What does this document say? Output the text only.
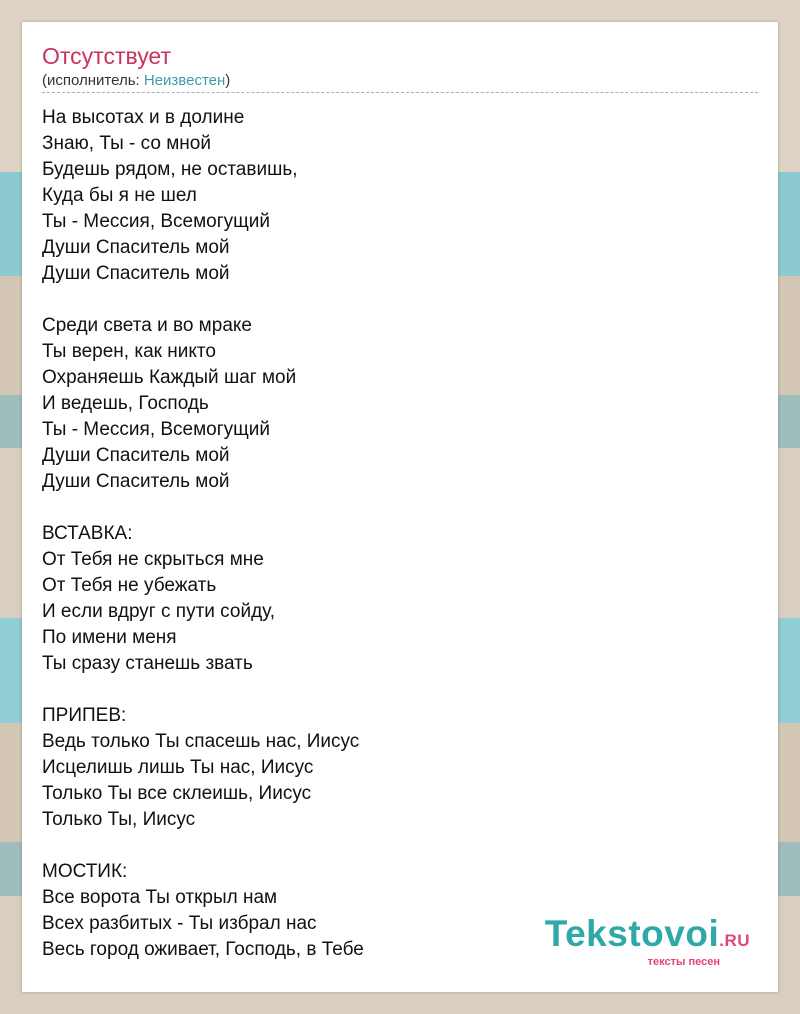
Отсутствует
(исполнитель: Неизвестен)
На высотах и в долине
Знаю, Ты - со мной
Будешь рядом, не оставишь,
Куда бы я не шел
Ты - Мессия, Всемогущий
Души Спаситель мой
Души Спаситель мой
Среди света и во мраке
Ты верен, как никто
Охраняешь Каждый шаг мой
И ведешь, Господь
Ты - Мессия, Всемогущий
Души Спаситель мой
Души Спаситель мой
ВСТАВКА:
От Тебя не скрыться мне
От Тебя не убежать
И если вдруг с пути сойду,
По имени меня
Ты сразу станешь звать
ПРИПЕВ:
Ведь только Ты спасешь нас, Иисус
Исцелишь лишь Ты нас, Иисус
Только Ты все склеишь, Иисус
Только Ты, Иисус
МОСТИК:
Все ворота Ты открыл нам
Всех разбитых - Ты избрал нас
Весь город оживает, Господь, в Тебе	Tekstovoi.RU
тексты песен
